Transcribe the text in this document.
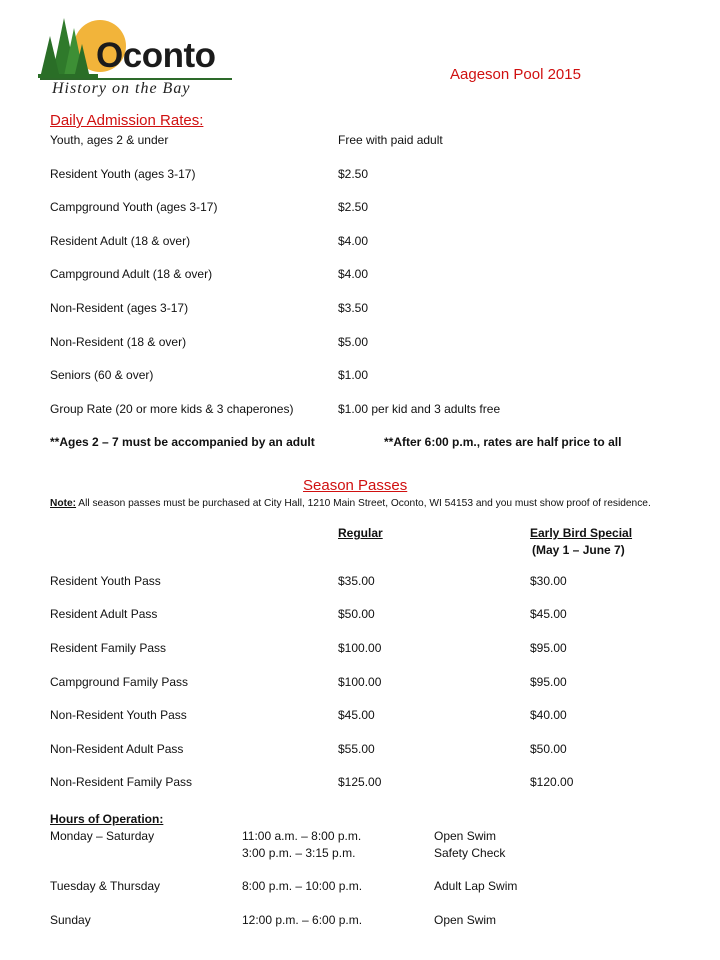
Oconto
History on the Bay
Aageson Pool 2015
Daily Admission Rates:
Youth, ages 2 & under	Free with paid adult
Resident Youth (ages 3-17)	$2.50
Campground Youth (ages 3-17)	$2.50
Resident Adult (18 & over)	$4.00
Campground Adult (18 & over)	$4.00
Non-Resident (ages 3-17)	$3.50
Non-Resident (18 & over)	$5.00
Seniors (60 & over)	$1.00
Group Rate (20 or more kids & 3 chaperones)	$1.00 per kid and 3 adults free
**Ages 2 – 7 must be accompanied by an adult	**After 6:00 p.m., rates are half price to all
Season Passes
Note: All season passes must be purchased at City Hall, 1210 Main Street, Oconto, WI 54153 and you must show proof of residence.
Regular	Early Bird Special
(May 1 – June 7)
Resident Youth Pass	$35.00	$30.00
Resident Adult Pass	$50.00	$45.00
Resident Family Pass	$100.00	$95.00
Campground Family Pass	$100.00	$95.00
Non-Resident Youth Pass	$45.00	$40.00
Non-Resident Adult Pass	$55.00	$50.00
Non-Resident Family Pass	$125.00	$120.00
Hours of Operation:
Monday – Saturday	11:00 a.m. – 8:00 p.m.	Open Swim
3:00 p.m. – 3:15 p.m.	Safety Check
Tuesday & Thursday	8:00 p.m. – 10:00 p.m.	Adult Lap Swim
Sunday	12:00 p.m. – 6:00 p.m.	Open Swim
